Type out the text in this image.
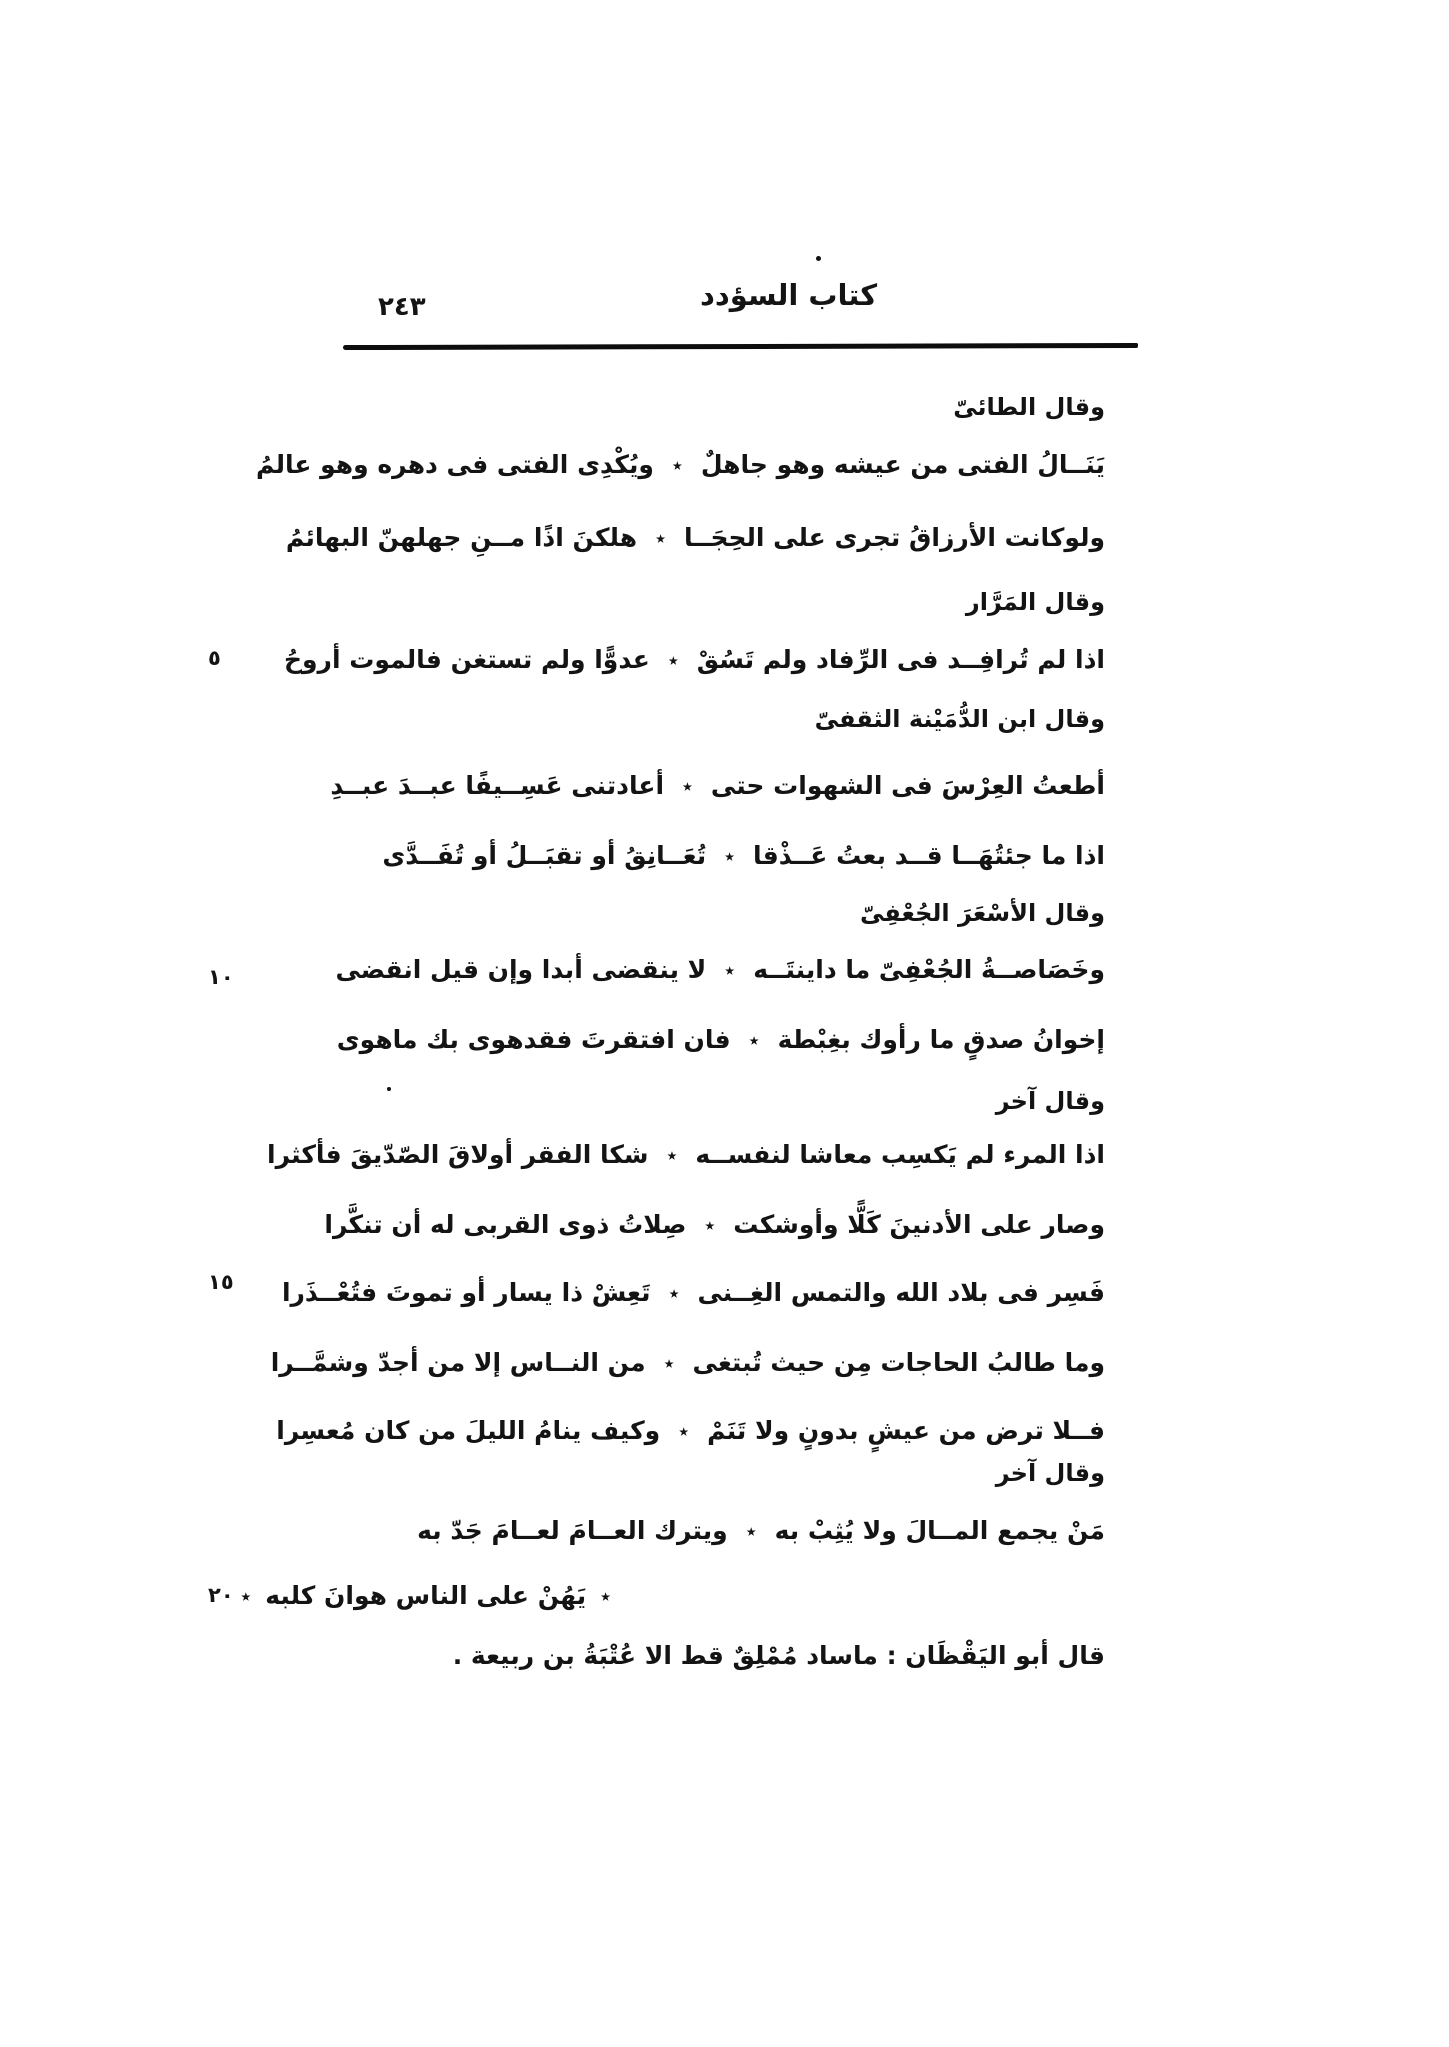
٢٤٣	كتاب السؤدد
وقال الطائىّ
يَنَــالُ الفتى من عيشه وهو جاهلٌ٭ويُكْدِى الفتى فى دهره وهو عالمُ
ولوكانت الأرزاقُ تجرى على الحِجَــا٭هلكنَ اذًا مــنِ جهلهنّ البهائمُ
وقال المَرَّار
اذا لم تُرافِــد فى الرِّفاد ولم تَسُقْ٭عدوًّا ولم تستغن فالموت أروحُ
٥
وقال ابن الدُّمَيْنة الثقفىّ
أطعتُ العِرْسَ فى الشهوات حتى٭أعادتنى عَسِــيفًا عبــدَ عبــدِ
اذا ما جئتُهَــا قــد بعتُ عَــذْقا٭تُعَــانِقُ أو تقبَــلُ أو تُفَــدَّى
وقال الأسْعَرَ الجُعْفِىّ
وخَصَاصــةُ الجُعْفِىّ ما داينتَــه٭لا ينقضى أبدا وإن قيل انقضى
١٠
إخوانُ صدقٍ ما رأوك بغِبْطة٭فان افتقرتَ فقدهوى بك ماهوى
وقال آخر
اذا المرء لم يَكسِب معاشا لنفســه٭شكا الفقر أولاقَ الصّدّيقَ فأكثرا
وصار على الأدنينَ كَلًّا وأوشكت٭صِلاتُ ذوى القربى له أن تنكَّرا
فَسِر فى بلاد الله والتمس الغِــنى٭تَعِشْ ذا يسار أو تموتَ فتُعْــذَرا
١٥
وما طالبُ الحاجات مِن حيث تُبتغى٭من النــاس إلا من أجدّ وشمَّــرا
فــلا ترض من عيشٍ بدونٍ ولا تَنَمْ٭وكيف ينامُ الليلَ من كان مُعسِرا
وقال آخر
مَنْ يجمع المــالَ ولا يُثِبْ به٭ويترك العــامَ لعــامَ جَدّ به
٭يَهُنْ على الناس هوانَ كلبه٭
٢٠
قال أبو اليَقْظَان : ماساد مُمْلِقٌ قط الا عُتْبَةُ بن ربيعة .
